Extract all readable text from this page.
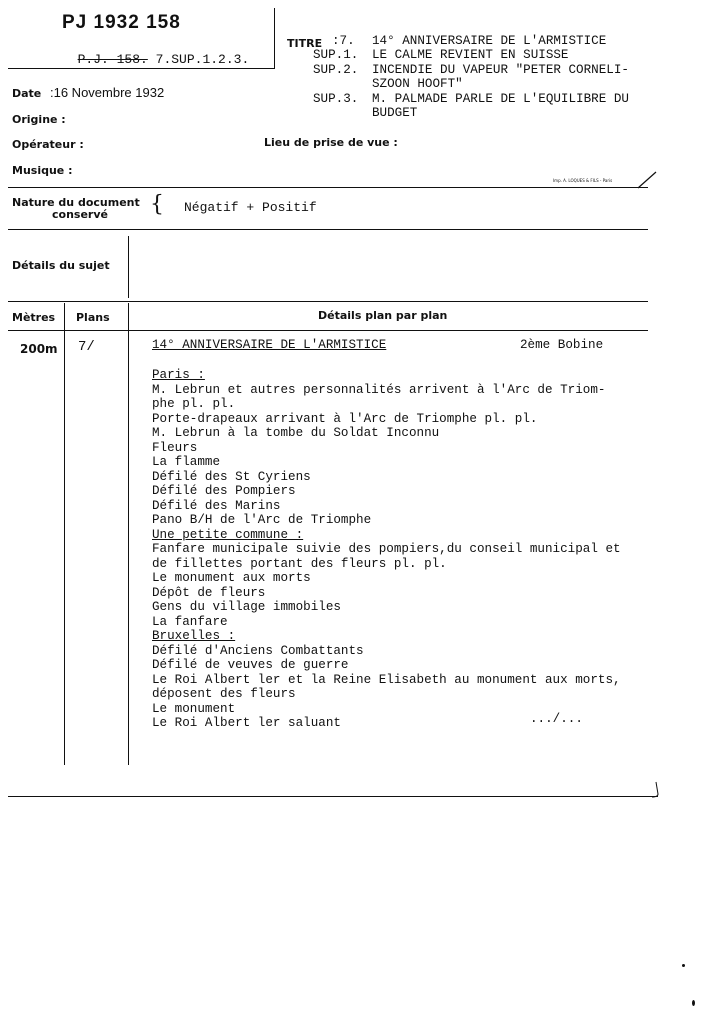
PJ 1932 158

P.J. 158. 7.SUP.1.2.3.

TITRE :7. 14° ANNIVERSAIRE DE L'ARMISTICE
SUP.1. LE CALME REVIENT EN SUISSE
SUP.2. INCENDIE DU VAPEUR "PETER CORNELI-
SZOON HOOFT"
SUP.3. M. PALMADE PARLE DE L'EQUILIBRE DU
BUDGET
Date :16 Novembre 1932
Origine :
Opérateur :	Lieu de prise de vue :
Musique :
Imp. A. LOQUES & FILS - Paris
Nature du document
conservé { Négatif + Positif
Détails du sujet
Mètres Plans	Détails plan par plan
200m 7/	14° ANNIVERSAIRE DE L'ARMISTICE	2ème Bobine
Paris :
M. Lebrun et autres personnalités arrivent à l'Arc de Triom-
phe pl. pl.
Porte-drapeaux arrivant à l'Arc de Triomphe pl. pl.
M. Lebrun à la tombe du Soldat Inconnu
Fleurs
La flamme
Défilé des St Cyriens
Défilé des Pompiers
Défilé des Marins
Pano B/H de l'Arc de Triomphe
Une petite commune :
Fanfare municipale suivie des pompiers,du conseil municipal et
de fillettes portant des fleurs pl. pl.
Le monument aux morts
Dépôt de fleurs
Gens du village immobiles
La fanfare
Bruxelles :
Défilé d'Anciens Combattants
Défilé de veuves de guerre
Le Roi Albert ler et la Reine Elisabeth au monument aux morts,
déposent des fleurs
Le monument
Le Roi Albert ler saluant	.../...
